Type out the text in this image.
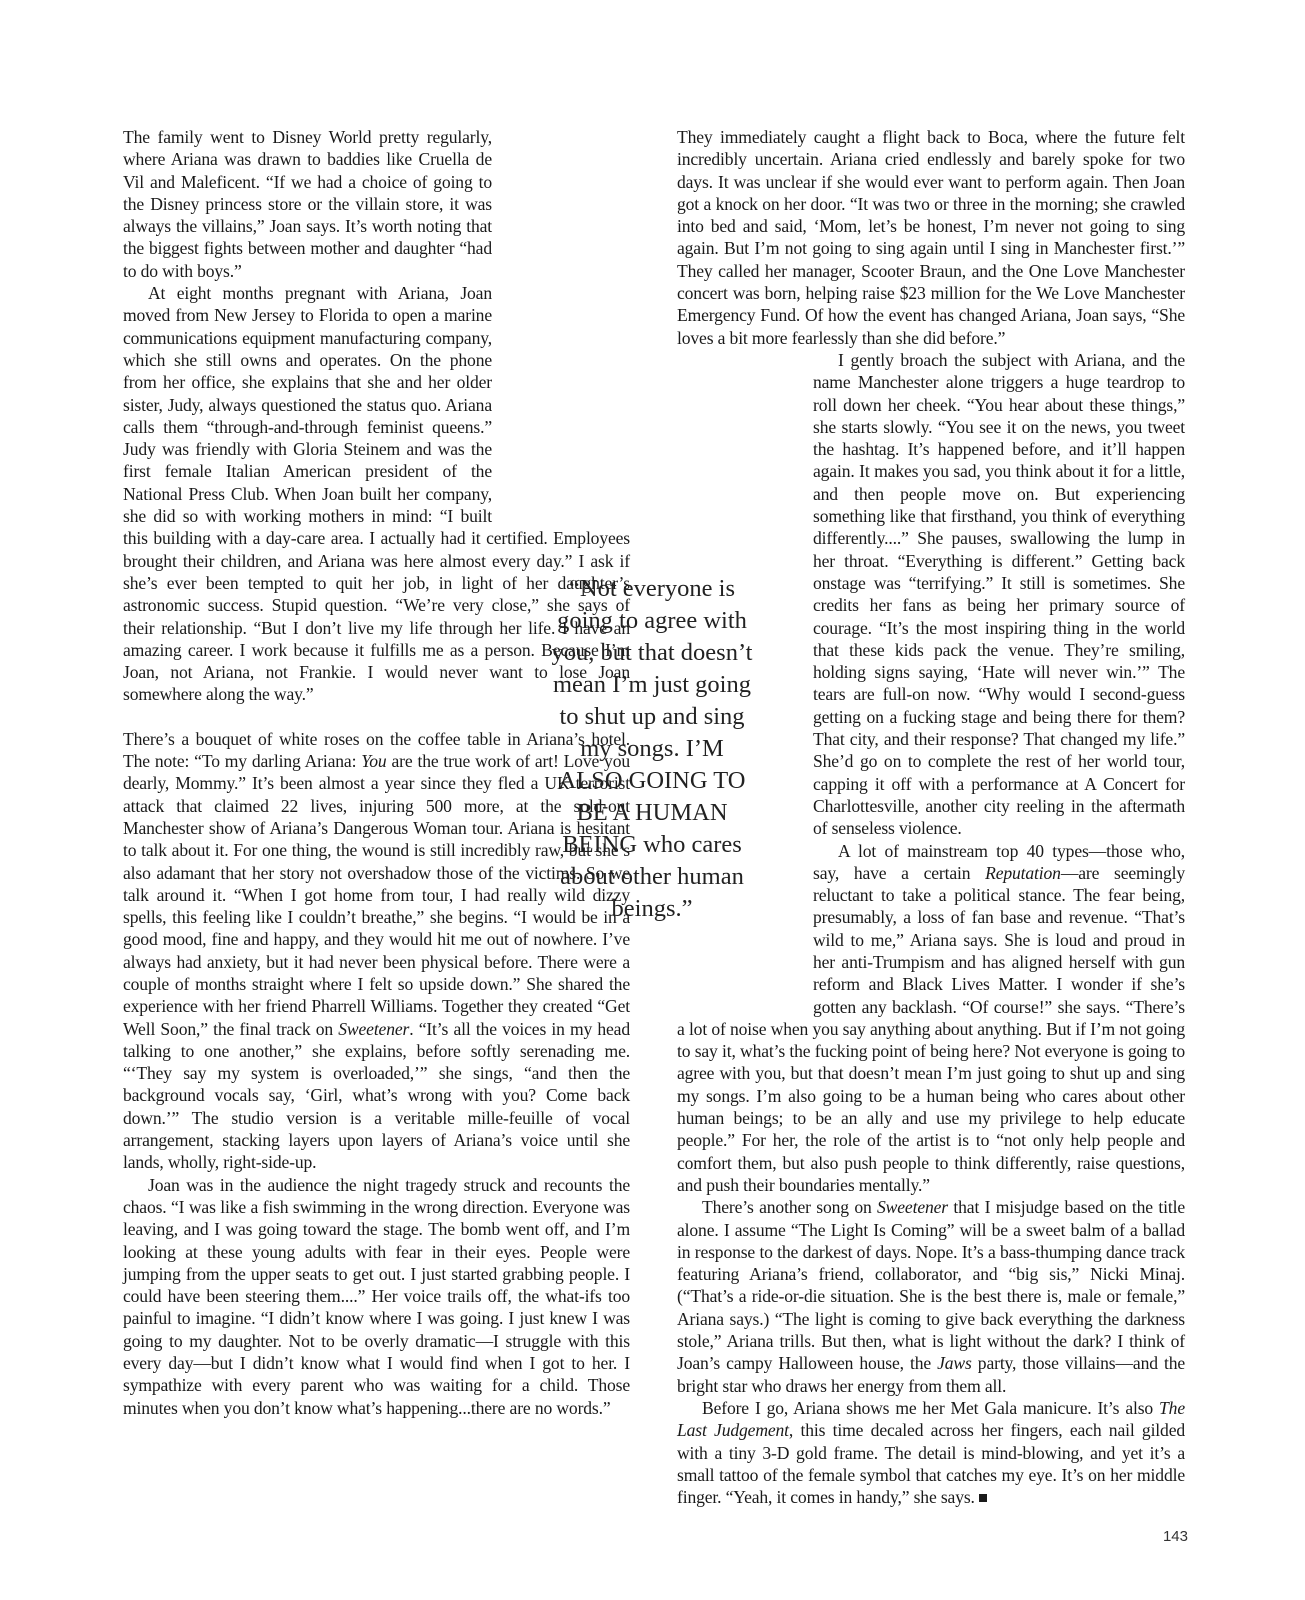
The family went to Disney World pretty regularly, where Ariana was drawn to baddies like Cruella de Vil and Maleficent. “If we had a choice of going to the Disney princess store or the villain store, it was always the villains,” Joan says. It’s worth noting that the biggest fights between mother and daughter “had to do with boys.”

At eight months pregnant with Ariana, Joan moved from New Jersey to Florida to open a marine communications equipment manufacturing company, which she still owns and operates. On the phone from her office, she explains that she and her older sister, Judy, always questioned the status quo. Ariana calls them “through-and-through feminist queens.” Judy was friendly with Gloria Steinem and was the first female Italian American president of the National Press Club. When Joan built her company, she did so with working mothers in mind: “I built this building with a day-care area. I actually had it certified. Employees brought their children, and Ariana was here almost every day.” I ask if she’s ever been tempted to quit her job, in light of her daughter’s astronomic success. Stupid question. “We’re very close,” she says of their relationship. “But I don’t live my life through her life. I have an amazing career. I work because it fulfills me as a person. Because I’m Joan, not Ariana, not Frankie. I would never want to lose Joan somewhere along the way.”

There’s a bouquet of white roses on the coffee table in Ariana’s hotel. The note: “To my darling Ariana: You are the true work of art! Love you dearly, Mommy.” It’s been almost a year since they fled a UK terrorist attack that claimed 22 lives, injuring 500 more, at the sold-out Manchester show of Ariana’s Dangerous Woman tour. Ariana is hesitant to talk about it. For one thing, the wound is still incredibly raw, but she’s also adamant that her story not overshadow those of the victims. So we talk around it. “When I got home from tour, I had really wild dizzy spells, this feeling like I couldn’t breathe,” she begins. “I would be in a good mood, fine and happy, and they would hit me out of nowhere. I’ve always had anxiety, but it had never been physical before. There were a couple of months straight where I felt so upside down.” She shared the experience with her friend Pharrell Williams. Together they created “Get Well Soon,” the final track on Sweetener. “It’s all the voices in my head talking to one another,” she explains, before softly serenading me. “‘They say my system is overloaded,’” she sings, “and then the background vocals say, ‘Girl, what’s wrong with you? Come back down.’” The studio version is a veritable mille-feuille of vocal arrangement, stacking layers upon layers of Ariana’s voice until she lands, wholly, right-side-up.

Joan was in the audience the night tragedy struck and recounts the chaos. “I was like a fish swimming in the wrong direction. Everyone was leaving, and I was going toward the stage. The bomb went off, and I’m looking at these young adults with fear in their eyes. People were jumping from the upper seats to get out. I just started grabbing people. I could have been steering them....” Her voice trails off, the what-ifs too painful to imagine. “I didn’t know where I was going. I just knew I was going to my daughter. Not to be overly dramatic—I struggle with this every day—but I didn’t know what I would find when I got to her. I sympathize with every parent who was waiting for a child. Those minutes when you don’t know what’s happening...there are no words.”

They immediately caught a flight back to Boca, where the future felt incredibly uncertain. Ariana cried endlessly and barely spoke for two days. It was unclear if she would ever want to perform again. Then Joan got a knock on her door. “It was two or three in the morning; she crawled into bed and said, ‘Mom, let’s be honest, I’m never not going to sing again. But I’m not going to sing again until I sing in Manchester first.’” They called her manager, Scooter Braun, and the One Love Manchester concert was born, helping raise $23 million for the We Love Manchester Emergency Fund. Of how the event has changed Ariana, Joan says, “She loves a bit more fearlessly than she did before.”

I gently broach the subject with Ariana, and the name Manchester alone triggers a huge teardrop to roll down her cheek. “You hear about these things,” she starts slowly. “You see it on the news, you tweet the hashtag. It’s happened before, and it’ll happen again. It makes you sad, you think about it for a little, and then people move on. But experiencing something like that firsthand, you think of everything differently....” She pauses, swallowing the lump in her throat. “Everything is different.” Getting back onstage was “terrifying.” It still is sometimes. She credits her fans as being her primary source of courage. “It’s the most inspiring thing in the world that these kids pack the venue. They’re smiling, holding signs saying, ‘Hate will never win.’” The tears are full-on now. “Why would I second-guess getting on a fucking stage and being there for them? That city, and their response? That changed my life.” She’d go on to complete the rest of her world tour, capping it off with a performance at A Concert for Charlottesville, another city reeling in the aftermath of senseless violence.

A lot of mainstream top 40 types—those who, say, have a certain Reputation—are seemingly reluctant to take a political stance. The fear being, presumably, a loss of fan base and revenue. “That’s wild to me,” Ariana says. She is loud and proud in her anti-Trumpism and has aligned herself with gun reform and Black Lives Matter. I wonder if she’s gotten any backlash. “Of course!” she says. “There’s a lot of noise when you say anything about anything. But if I’m not going to say it, what’s the fucking point of being here? Not everyone is going to agree with you, but that doesn’t mean I’m just going to shut up and sing my songs. I’m also going to be a human being who cares about other human beings; to be an ally and use my privilege to help educate people.” For her, the role of the artist is to “not only help people and comfort them, but also push people to think differently, raise questions, and push their boundaries mentally.”

There’s another song on Sweetener that I misjudge based on the title alone. I assume “The Light Is Coming” will be a sweet balm of a ballad in response to the darkest of days. Nope. It’s a bass-thumping dance track featuring Ariana’s friend, collaborator, and “big sis,” Nicki Minaj. (“That’s a ride-or-die situation. She is the best there is, male or female,” Ariana says.) “The light is coming to give back everything the darkness stole,” Ariana trills. But then, what is light without the dark? I think of Joan’s campy Halloween house, the Jaws party, those villains—and the bright star who draws her energy from them all.

Before I go, Ariana shows me her Met Gala manicure. It’s also The Last Judgement, this time decaled across her fingers, each nail gilded with a tiny 3-D gold frame. The detail is mind-blowing, and yet it’s a small tattoo of the female symbol that catches my eye. It’s on her middle finger. “Yeah, it comes in handy,” she says.

“Not everyone is going to agree with you, but that doesn’t mean I’m just going to shut up and sing my songs. I’M ALSO GOING TO BE A HUMAN BEING who cares about other human beings.”
143
